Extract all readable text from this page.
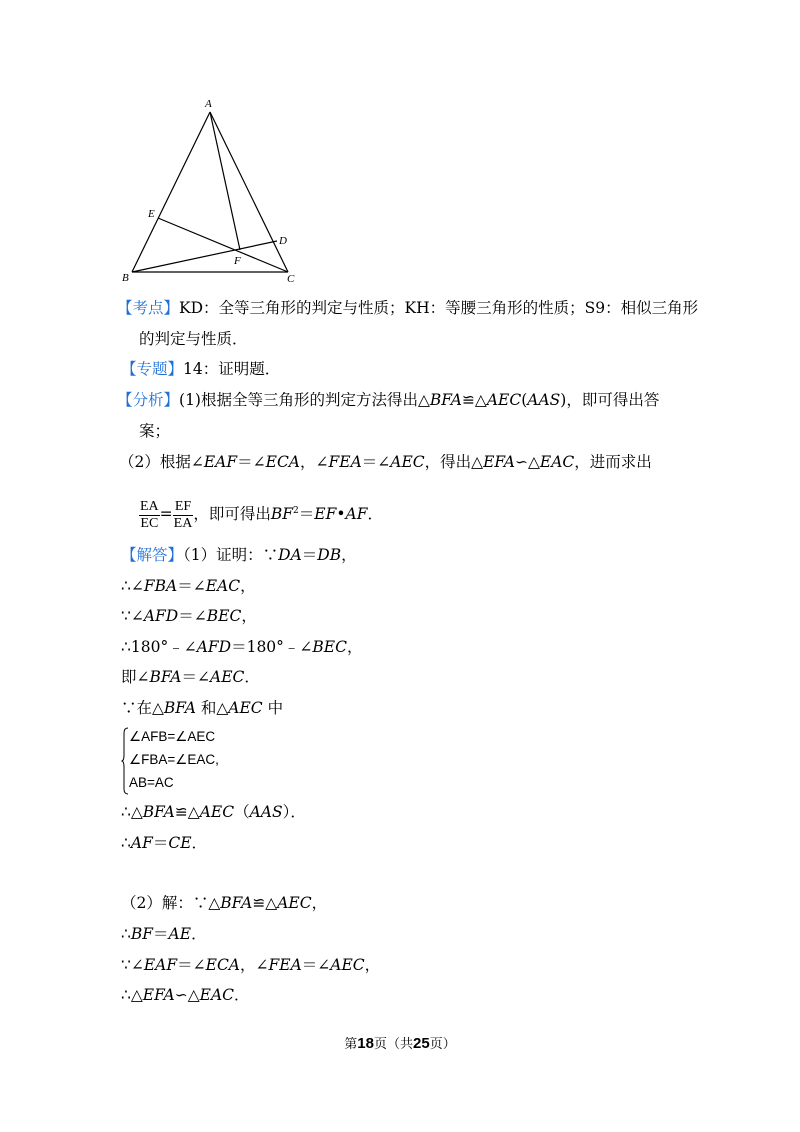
A
B	C
D
E
F
【考点】KD：全等三角形的判定与性质；KH：等腰三角形的性质；S9：相似三角形
的判定与性质．
【专题】14：证明题．
【分析】(1)根据全等三角形的判定方法得出△BFA≌△AEC(AAS)，即可得出答
案；
（2）根据∠EAF＝∠ECA，∠FEA＝∠AEC，得出△EFA∽△EAC，进而求出
$\frac{EA}{EC} = \frac{EF}{EA}$ ，即可得出$BF^2=EF•AF$．
【解答】（1）证明：∵DA＝DB，
∴∠FBA＝∠EAC，
∵∠AFD＝∠BEC，
∴180°﹣∠AFD＝180°﹣∠BEC，
即∠BFA＝∠AEC．
∵在△BFA 和△AEC 中
∠AFB=∠AEC
∠FBA=∠EAC,
AB=AC
∴△BFA≌△AEC（AAS）．
∴AF＝CE．
（2）解：∵△BFA≌△AEC，
∴BF＝AE．
∵∠EAF＝∠ECA，∠FEA＝∠AEC，
∴△EFA∽△EAC．
第18页（共25页）
